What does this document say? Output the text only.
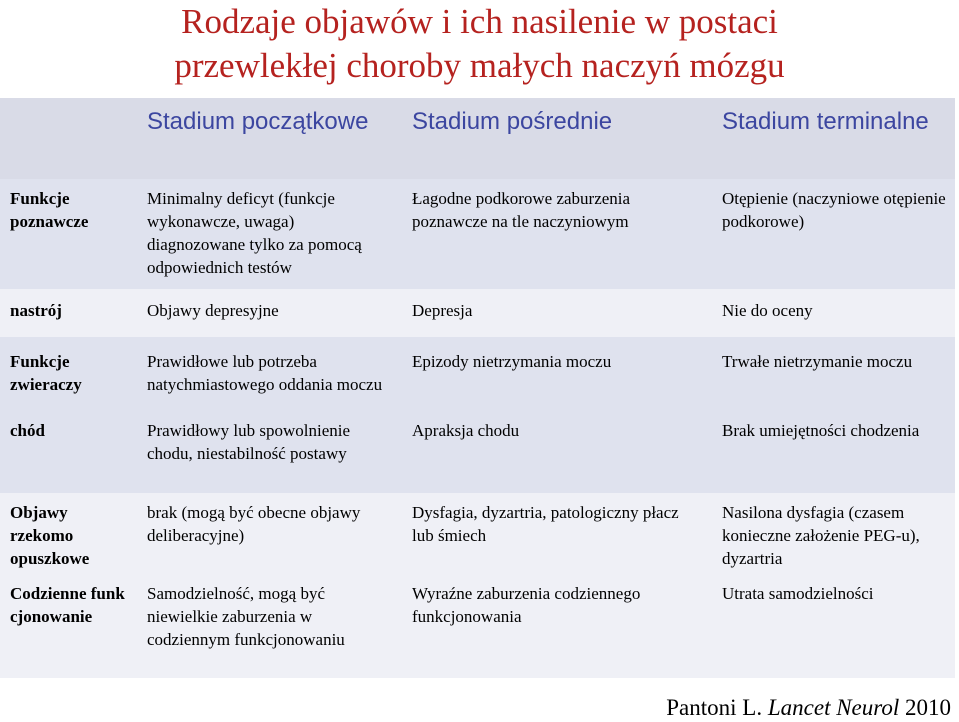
Rodzaje objawów i ich nasilenie w postaci
przewlekłej choroby małych naczyń mózgu
	Stadium początkowe	Stadium pośrednie	Stadium terminalne
Funkcje poznawcze	Minimalny deficyt (funkcje wykonawcze, uwaga) diagnozowane tylko za pomocą odpowiednich testów	Łagodne podkorowe zaburzenia poznawcze na tle naczyniowym	Otępienie (naczyniowe otępienie podkorowe)
nastrój	Objawy depresyjne	Depresja	Nie do oceny
Funkcje zwieraczy	Prawidłowe lub potrzeba natychmiastowego oddania moczu	Epizody nietrzymania moczu	Trwałe nietrzymanie moczu
chód	Prawidłowy lub spowolnienie chodu, niestabilność postawy	Apraksja chodu	Brak umiejętności chodzenia
Objawy rzekomo opuszkowe	brak (mogą być obecne objawy deliberacyjne)	Dysfagia, dyzartria, patologiczny płacz lub śmiech	Nasilona dysfagia (czasem konieczne założenie PEG-u), dyzartria
Codzienne funkcjonowanie	Samodzielność, mogą być niewielkie zaburzenia w codziennym funkcjonowaniu	Wyraźne zaburzenia codziennego funkcjonowania	Utrata samodzielności
Pantoni L. Lancet Neurol 2010
